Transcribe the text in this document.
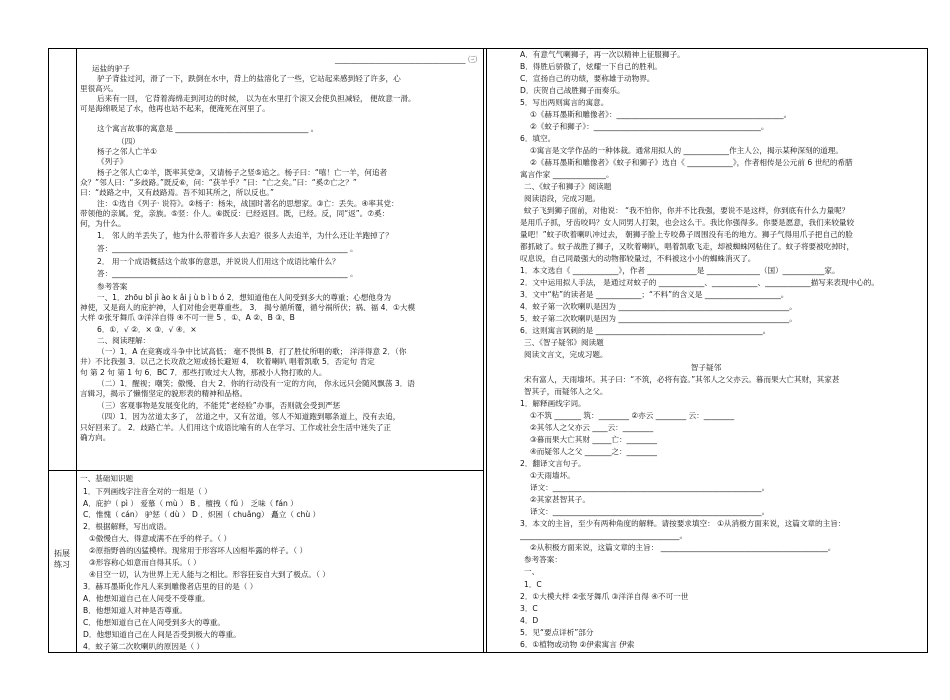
拓展
练习
_______________________________________________________（三）
运盐的驴子
驴子背盐过河，滑了一下，跌倒在水中，背上的盐溶化了一些，它站起来感到轻了许多，心
里很高兴。
后来有一回， 它背着海绵走到河边的时候， 以为在水里打个滚又会使负担减轻， 便故意一滑。
可是海绵吸足了水，他再也站不起来，便淹死在河里了。
这个寓言故事的寓意是 ___________________________________ 。
（四）
杨子之邻人亡羊①
《列子》
杨子之邻人亡②羊，既率其党③，又请杨子之竖⑤追之。杨子曰：“嘻！亡一羊，何追者
众？”邻人曰：“多歧路。”既反⑥，问：“获羊乎？”曰：“亡之矣。”曰：“奚⑦亡之？”
曰：“歧路之中，又有歧路焉。吾不知其所之，所以反也。”
注：①选自《列子· 说符》。②杨子：杨朱，战国时著名的思想家。③亡：丢失。④率其党：
带领他的亲属。党，亲族。⑤竖：仆人。⑥既反：已经返回。既，已经。反，同“返”。⑦奚：
何，为什么。
1． 邻人的羊丢失了，他为什么带着许多人去追？很多人去追羊，为什么还让羊跑掉了？
答：______________________________________________________________ 。
2． 用一个成语概括这个故事的意思，并说说人们用这个成语比喻什么？
答：______________________________________________________________ 。
参考答案
一、1．zhōu bǐ jì ào k ǎi j ù b ì b ó 2．想知道他在人间受到多大的尊重；心想他身为
神使，又是商人的庇护神，人们对他会更尊重些。 3． 揭兮循所覆，循兮祸所伏；祸、福 4．①大模
大样 ②张牙舞爪 ③洋洋自得 ④不可一世 5 ．①、A ②、B ③、B
6．①．√ ②．× ③．√ ④．×
二、阅读理解：
（一）1．A 在竞赛或斗争中比试高低； 毫不畏惧 B．打了胜仗所唱的歌； 洋洋得意 2．（你
井）不比我强 3．以己之长攻敌之短或扬长避短 4． 吹着喇叭 唱着凯歌 5．否定句 肯定
句 第 2 句 第 1 句 6．BC 7．那些打败过大人物，那被小人物打败的人。
（二）1．醒视；嘲笑；傲慢、自大 2．你的行动没有一定的方向， 你永远只会随风飘荡 3．语
言辑习，揭示了懒惰坚定的貌形表的精神和品格。
（三）客观事物是发展变化的，不能凭“老经验”办事，否则就会受到严惩
（四）1．因为岔道太多了， 岔道之中，又有岔道，邻人不知道跑到哪条道上，没有去追，
只好回来了。 2．歧路亡羊。人们用这个成语比喻有的人在学习、工作或社会生活中迷失了正
确方向。
一、基础知识题
1．下列画线字注音全对的一组是（ ）
A．庇护（ pì ） 爱慕（ mù ） B ．檀拽（ fǔ ） 乏味（ fán ）
C．惟愧（ cán） 驴惩（ dù ） D ．炽困（ chuǎng） 矗立（ chù ）
2．根据解释，写出成语。
①傲慢自大、得意或满不在乎的样子。（ ）
②原指野兽的凶猛模样。现常用于形容坏人凶相毕露的样子。（ ）
③形容称心如意而自得其乐。（ ）
④目空一切，认为世界上无人能与之相比。形容狂妄自大到了极点。（ ）
3．赫耳墨斯化作凡人来到雕像者店里的目的是（ ）
A．他想知道自己在人间受不受尊重。
B．他想知道人对神是否尊重。
C．他想知道自己在人间受到多大的尊重。
D．他想知道自己在人间是否受到极大的尊重。
4．蚊子第二次吹喇叭的原因是（ ）
A．有意气气喇狮子，再一次以精神上征服狮子。
B．得胜后骄傲了，炫耀一下自己的胜利。
C．宣扬自己的功绩，要称雄于动物界。
D．庆贺自己战胜狮子而奏乐。
5．写出两则寓言的寓意。
①《赫耳墨斯和雕像者》：____________________________________________。
②《蚊子和狮子》：____________________________________________。
6．填空。
①寓言是文学作品的一种体裁。通常用拟人的 ____________作主人公，揭示某种深刻的道理。
②《赫耳墨斯和雕像者》《蚊子和狮子》选自《 ____________》，作者相传是公元前 6 世纪的希腊
寓言作家 ______________。
二、《蚊子和狮子》阅读题
阅读语段，完成习题。
蚊子飞到狮子面前，对他说： “我不怕你，你并不比我强，要说不是这样，你到底有什么力量呢？
是用爪子抓，牙齿咬吗？女人同男人打架，也会这么干。我比你强得多。你要是愿意，我们来较量较
量吧！”蚊子吹着喇叭冲过去， 朝狮子脸上专咬鼻子周围没有毛的地方。狮子气得用爪子把自己的脸
都抓破了。蚊子战胜了狮子，又吹着喇叭，唱着凯歌飞走，却被蜘蛛网粘住了。蚊子将要被吃掉时，
叹息说，自己同最强大的动物都较量过，不料被这小小的蜘蛛消灭了。
1．本文选自《 ____________》，作者 _____________是 ______________（国）___________家。
2．文中运用拟人手法， 是通过对蚊子的 ____________、____________、____________描写来表现中心的。
3．文中“粘”的读者是 ____________；“不料”的含义是 ____________________。
4．蚊子第一次吹喇叭是因为 _____________________________________________。
5．蚊子第二次吹喇叭是因为 _____________________________________________。
6．这则寓言讽刺的是 ____________________________________________。
三、《智子疑邻》阅读题
阅读文言文，完成习题。
智子疑邻
宋有富人，天雨墙坏。其子曰：“不筑，必将有盗。”其邻人之父亦云。暮而果大亡其财，其家甚
智其子，而疑邻人之父。
1．解释画线字词。
①不筑 _______ 筑：________ ②亦云 ________ 云：________
②其邻人之父亦云 ____云：________
③暮而果大亡其财 _____亡：________
④而疑邻人之父 _______之：________
2．翻译文言句子。
①天雨墙坏。
译文：_______________________________________________________。
②其家甚智其子。
译文：_______________________________________________________。
3．本文的主旨，至少有两种角度的解释。请按要求填空： ①从消极方面来说，这篇文章的主旨：
__________________________________________。
②从积极方面来说，这篇文章的主旨： ____________________________________________。
参考答案：
一、
1．C
2．①大模大样 ②张牙舞爪 ③洋洋自得 ④不可一世
3．C
4．D
5．见“要点详析”部分
6．①植物或动物 ②伊索寓言 伊索
